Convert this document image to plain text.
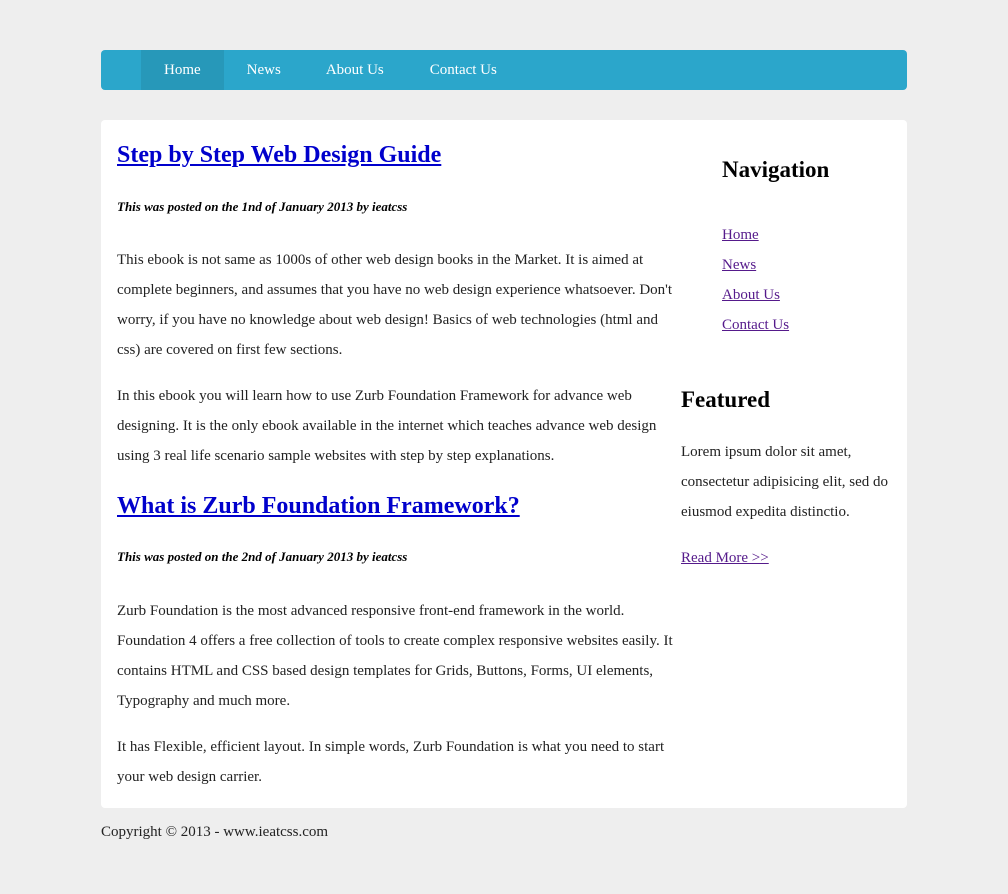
Home	News	About Us	Contact Us
Step by Step Web Design Guide

This was posted on the 1nd of January 2013 by ieatcss

This ebook is not same as 1000s of other web design books in the Market. It is aimed at complete beginners, and assumes that you have no web design experience whatsoever. Don't worry, if you have no knowledge about web design! Basics of web technologies (html and css) are covered on first few sections.

In this ebook you will learn how to use Zurb Foundation Framework for advance web designing. It is the only ebook available in the internet which teaches advance web design using 3 real life scenario sample websites with step by step explanations.

What is Zurb Foundation Framework?

This was posted on the 2nd of January 2013 by ieatcss

Zurb Foundation is the most advanced responsive front-end framework in the world. Foundation 4 offers a free collection of tools to create complex responsive websites easily. It contains HTML and CSS based design templates for Grids, Buttons, Forms, UI elements, Typography and much more.

It has Flexible, efficient layout. In simple words, Zurb Foundation is what you need to start your web design carrier.

Navigation
Home
News
About Us
Contact Us
Featured

Lorem ipsum dolor sit amet, consectetur adipisicing elit, sed do eiusmod expedita distinctio.

Read More >>
Copyright © 2013 - www.ieatcss.com
